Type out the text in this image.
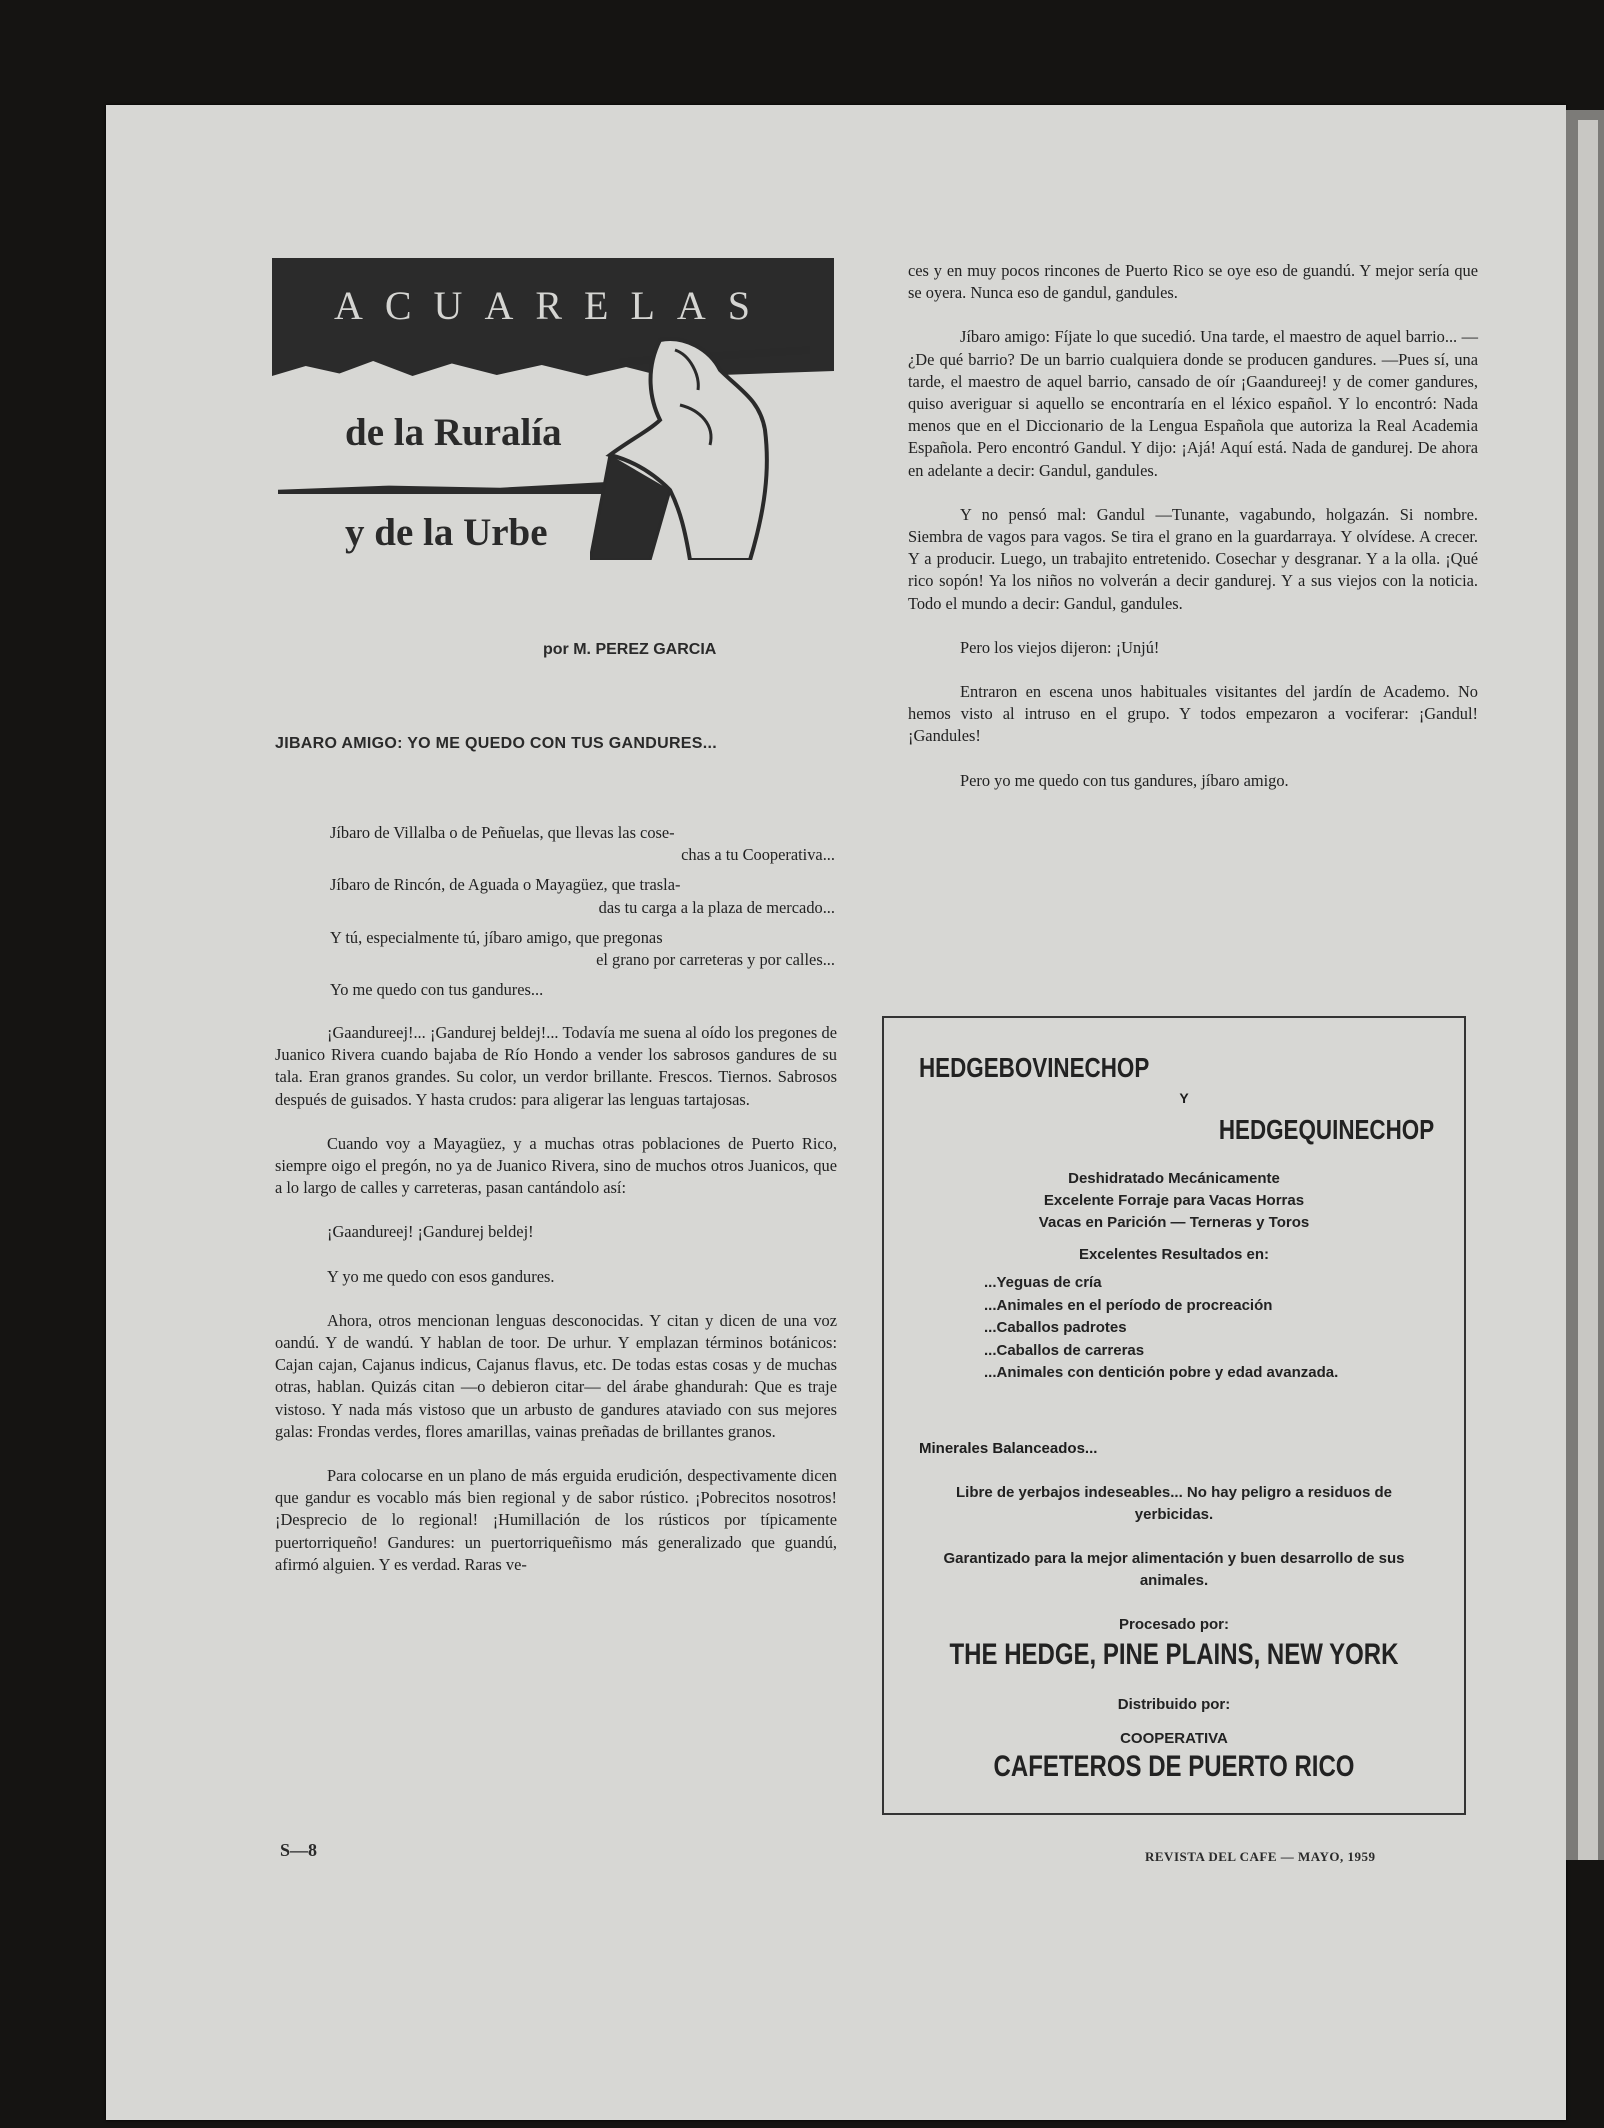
ACUARELAS
de la Ruralía
y de la Urbe
por M. PEREZ GARCIA
JIBARO AMIGO: YO ME QUEDO CON TUS GANDURES...
Jíbaro de Villalba o de Peñuelas, que llevas las cose-
chas a tu Cooperativa...
Jíbaro de Rincón, de Aguada o Mayagüez, que trasla-
das tu carga a la plaza de mercado...
Y tú, especialmente tú, jíbaro amigo, que pregonas
el grano por carreteras y por calles...
Yo me quedo con tus gandures...

¡Gaandureej!... ¡Gandurej beldej!... Todavía me suena al oído los pregones de Juanico Rivera cuando bajaba de Río Hondo a vender los sabrosos gandures de su tala. Eran granos grandes. Su color, un verdor brillante. Frescos. Tiernos. Sabrosos después de guisados. Y hasta crudos: para aligerar las lenguas tartajosas.

Cuando voy a Mayagüez, y a muchas otras poblaciones de Puerto Rico, siempre oigo el pregón, no ya de Juanico Rivera, sino de muchos otros Juanicos, que a lo largo de calles y carreteras, pasan cantándolo así:

¡Gaandureej! ¡Gandurej beldej!

Y yo me quedo con esos gandures.

Ahora, otros mencionan lenguas desconocidas. Y citan y dicen de una voz oandú. Y de wandú. Y hablan de toor. De urhur. Y emplazan términos botánicos: Cajan cajan, Cajanus indicus, Cajanus flavus, etc. De todas estas cosas y de muchas otras, hablan. Quizás citan —o debieron citar— del árabe ghandurah: Que es traje vistoso. Y nada más vistoso que un arbusto de gandures ataviado con sus mejores galas: Frondas verdes, flores amarillas, vainas preñadas de brillantes granos.

Para colocarse en un plano de más erguida erudición, despectivamente dicen que gandur es vocablo más bien regional y de sabor rústico. ¡Pobrecitos nosotros! ¡Desprecio de lo regional! ¡Humillación de los rústicos por típicamente puertorriqueño! Gandures: un puertorriqueñismo más generalizado que guandú, afirmó alguien. Y es verdad. Raras ve-

ces y en muy pocos rincones de Puerto Rico se oye eso de guandú. Y mejor sería que se oyera. Nunca eso de gandul, gandules.

Jíbaro amigo: Fíjate lo que sucedió. Una tarde, el maestro de aquel barrio... —¿De qué barrio? De un barrio cualquiera donde se producen gandures. —Pues sí, una tarde, el maestro de aquel barrio, cansado de oír ¡Gaandureej! y de comer gandures, quiso averiguar si aquello se encontraría en el léxico español. Y lo encontró: Nada menos que en el Diccionario de la Lengua Española que autoriza la Real Academia Española. Pero encontró Gandul. Y dijo: ¡Ajá! Aquí está. Nada de gandurej. De ahora en adelante a decir: Gandul, gandules.

Y no pensó mal: Gandul —Tunante, vagabundo, holgazán. Si nombre. Siembra de vagos para vagos. Se tira el grano en la guardarraya. Y olvídese. A crecer. Y a producir. Luego, un trabajito entretenido. Cosechar y desgranar. Y a la olla. ¡Qué rico sopón! Ya los niños no volverán a decir gandurej. Y a sus viejos con la noticia. Todo el mundo a decir: Gandul, gandules.

Pero los viejos dijeron: ¡Unjú!

Entraron en escena unos habituales visitantes del jardín de Academo. No hemos visto al intruso en el grupo. Y todos empezaron a vociferar: ¡Gandul! ¡Gandules!

Pero yo me quedo con tus gandures, jíbaro amigo.

HEDGEBOVINECHOP
Y
HEDGEQUINECHOP
Deshidratado Mecánicamente
Excelente Forraje para Vacas Horras
Vacas en Parición — Terneras y Toros
Excelentes Resultados en:
...Yeguas de cría
...Animales en el período de procreación
...Caballos padrotes
...Caballos de carreras
...Animales con dentición pobre y edad avanzada.
Minerales Balanceados...
Libre de yerbajos indeseables... No hay peligro a residuos de yerbicidas.
Garantizado para la mejor alimentación y buen desarrollo de sus animales.
Procesado por:
THE HEDGE, PINE PLAINS, NEW YORK
Distribuido por:
COOPERATIVA
CAFETEROS DE PUERTO RICO
S—8	REVISTA DEL CAFE — MAYO, 1959
